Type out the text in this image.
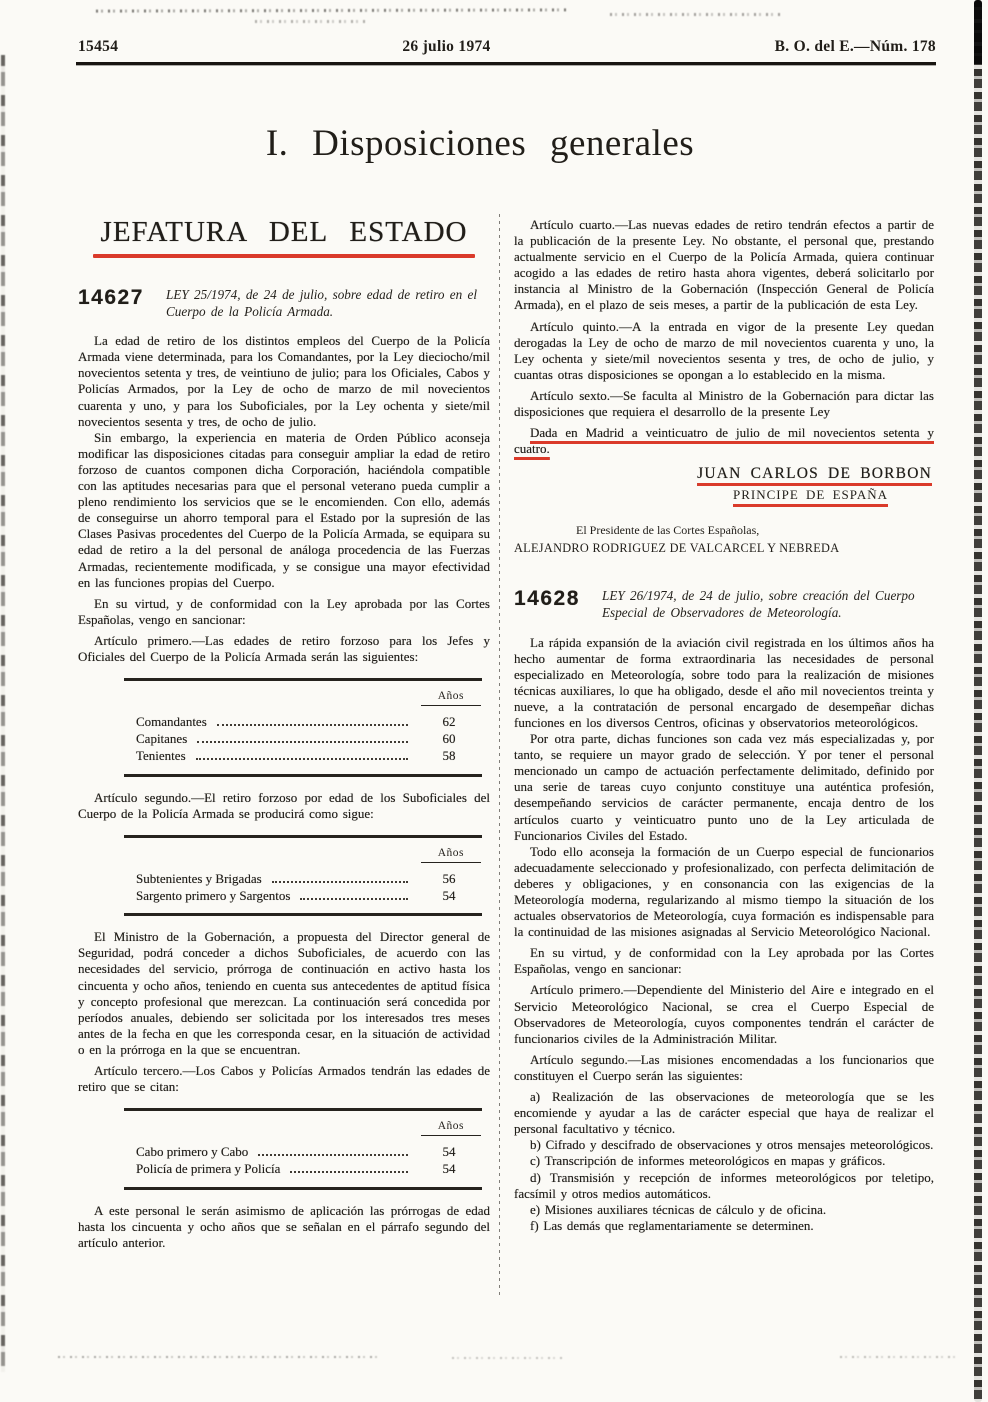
15454	26 julio 1974	B. O. del E.—Núm. 178
I. Disposiciones generales
JEFATURA DEL ESTADO
14627	LEY 25/1974, de 24 de julio, sobre edad de retiro en el Cuerpo de la Policía Armada.

La edad de retiro de los distintos empleos del Cuerpo de la Policía Armada viene determinada, para los Comandantes, por la Ley dieciocho/mil novecientos setenta y tres, de veintiuno de julio; para los Oficiales, Cabos y Policías Armados, por la Ley de ocho de marzo de mil novecientos cuarenta y uno, y para los Suboficiales, por la Ley ochenta y siete/mil novecientos sesenta y tres, de ocho de julio.

Sin embargo, la experiencia en materia de Orden Público aconseja modificar las disposiciones citadas para conseguir ampliar la edad de retiro forzoso de cuantos componen dicha Corporación, haciéndola compatible con las aptitudes necesarias para que el personal veterano pueda cumplir a pleno rendimiento los servicios que se le encomienden. Con ello, además de conseguirse un ahorro temporal para el Estado por la supresión de las Clases Pasivas procedentes del Cuerpo de la Policía Armada, se equipara su edad de retiro a la del personal de análoga procedencia de las Fuerzas Armadas, recientemente modificada, y se consigue una mayor efectividad en las funciones propias del Cuerpo.

En su virtud, y de conformidad con la Ley aprobada por las Cortes Españolas, vengo en sancionar:

Artículo primero.—Las edades de retiro forzoso para los Jefes y Oficiales del Cuerpo de la Policía Armada serán las siguientes:

Años
Comandantes	62
Capitanes	60
Tenientes	58

Artículo segundo.—El retiro forzoso por edad de los Suboficiales del Cuerpo de la Policía Armada se producirá como sigue:

Años
Subtenientes y Brigadas	56
Sargento primero y Sargentos	54

El Ministro de la Gobernación, a propuesta del Director general de Seguridad, podrá conceder a dichos Suboficiales, de acuerdo con las necesidades del servicio, prórroga de continuación en activo hasta los cincuenta y ocho años, teniendo en cuenta sus antecedentes de aptitud física y concepto profesional que merezcan. La continuación será concedida por períodos anuales, debiendo ser solicitada por los interesados tres meses antes de la fecha en que les corresponda cesar, en la situación de actividad o en la prórroga en la que se encuentran.

Artículo tercero.—Los Cabos y Policías Armados tendrán las edades de retiro que se citan:

Años
Cabo primero y Cabo	54
Policía de primera y Policía	54

A este personal le serán asimismo de aplicación las prórrogas de edad hasta los cincuenta y ocho años que se señalan en el párrafo segundo del artículo anterior.

Artículo cuarto.—Las nuevas edades de retiro tendrán efectos a partir de la publicación de la presente Ley. No obstante, el personal que, prestando actualmente servicio en el Cuerpo de la Policía Armada, quiera continuar acogido a las edades de retiro hasta ahora vigentes, deberá solicitarlo por instancia al Ministro de la Gobernación (Inspección General de Policía Armada), en el plazo de seis meses, a partir de la publicación de esta Ley.

Artículo quinto.—A la entrada en vigor de la presente Ley quedan derogadas la Ley de ocho de marzo de mil novecientos cuarenta y uno, la Ley ochenta y siete/mil novecientos sesenta y tres, de ocho de julio, y cuantas otras disposiciones se opongan a lo establecido en la misma.

Artículo sexto.—Se faculta al Ministro de la Gobernación para dictar las disposiciones que requiera el desarrollo de la presente Ley

Dada en Madrid a veinticuatro de julio de mil novecientos setenta y cuatro.

JUAN CARLOS DE BORBON
PRINCIPE DE ESPAÑA
El Presidente de las Cortes Españolas,
ALEJANDRO RODRIGUEZ DE VALCARCEL Y NEBREDA
14628	LEY 26/1974, de 24 de julio, sobre creación del Cuerpo Especial de Observadores de Meteorología.

La rápida expansión de la aviación civil registrada en los últimos años ha hecho aumentar de forma extraordinaria las necesidades de personal especializado en Meteorología, sobre todo para la realización de misiones técnicas auxiliares, lo que ha obligado, desde el año mil novecientos treinta y nueve, a la contratación de personal encargado de desempeñar dichas funciones en los diversos Centros, oficinas y observatorios meteorológicos.

Por otra parte, dichas funciones son cada vez más especializadas y, por tanto, se requiere un mayor grado de selección. Y por tener el personal mencionado un campo de actuación perfectamente delimitado, definido por una serie de tareas cuyo conjunto constituye una auténtica profesión, desempeñando servicios de carácter permanente, encaja dentro de los artículos cuarto y veinticuatro punto uno de la Ley articulada de Funcionarios Civiles del Estado.

Todo ello aconseja la formación de un Cuerpo especial de funcionarios adecuadamente seleccionado y profesionalizado, con perfecta delimitación de deberes y obligaciones, y en consonancia con las exigencias de la Meteorología moderna, regularizando al mismo tiempo la situación de los actuales observatorios de Meteorología, cuya formación es indispensable para la continuidad de las misiones asignadas al Servicio Meteorológico Nacional.

En su virtud, y de conformidad con la Ley aprobada por las Cortes Españolas, vengo en sancionar:

Artículo primero.—Dependiente del Ministerio del Aire e integrado en el Servicio Meteorológico Nacional, se crea el Cuerpo Especial de Observadores de Meteorología, cuyos componentes tendrán el carácter de funcionarios civiles de la Administración Militar.

Artículo segundo.—Las misiones encomendadas a los funcionarios que constituyen el Cuerpo serán las siguientes:

a) Realización de las observaciones de meteorología que se les encomiende y ayudar a las de carácter especial que haya de realizar el personal facultativo y técnico.

b) Cifrado y descifrado de observaciones y otros mensajes meteorológicos.

c) Transcripción de informes meteorológicos en mapas y gráficos.

d) Transmisión y recepción de informes meteorológicos por teletipo, facsímil y otros medios automáticos.

e) Misiones auxiliares técnicas de cálculo y de oficina.

f) Las demás que reglamentariamente se determinen.
